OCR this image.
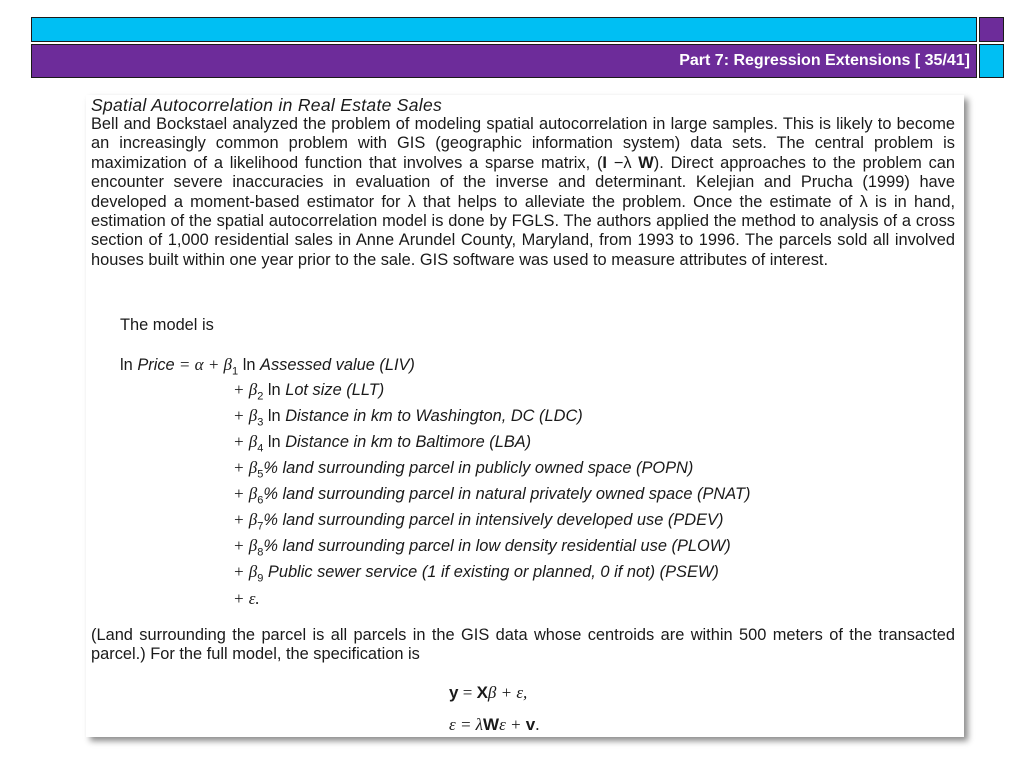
Part 7: Regression Extensions [ 35/41]
Spatial Autocorrelation in Real Estate Sales
Bell and Bockstael analyzed the problem of modeling spatial autocorrelation in large samples. This is likely to become an increasingly common problem with GIS (geographic information system) data sets. The central problem is maximization of a likelihood function that involves a sparse matrix, (I −λ W). Direct approaches to the problem can encounter severe inaccuracies in evaluation of the inverse and determinant. Kelejian and Prucha (1999) have developed a moment-based estimator for λ that helps to alleviate the problem. Once the estimate of λ is in hand, estimation of the spatial autocorrelation model is done by FGLS. The authors applied the method to analysis of a cross section of 1,000 residential sales in Anne Arundel County, Maryland, from 1993 to 1996. The parcels sold all involved houses built within one year prior to the sale. GIS software was used to measure attributes of interest.
The model is
ln Price = $\alpha + \beta_1$ ln Assessed value (LIV)
+ $\beta_2$ ln Lot size (LLT)
+ $\beta_3$ ln Distance in km to Washington, DC (LDC)
+ $\beta_4$ ln Distance in km to Baltimore (LBA)
+ $\beta_5\%$ land surrounding parcel in publicly owned space (POPN)
+ $\beta_6\%$ land surrounding parcel in natural privately owned space (PNAT)
+ $\beta_7\%$ land surrounding parcel in intensively developed use (PDEV)
+ $\beta_8\%$ land surrounding parcel in low density residential use (PLOW)
+ $\beta_9$ Public sewer service (1 if existing or planned, 0 if not) (PSEW)
+ ε.
(Land surrounding the parcel is all parcels in the GIS data whose centroids are within 500 meters of the transacted parcel.) For the full model, the specification is
y = Xβ + ε,
ε = λWε + v.
